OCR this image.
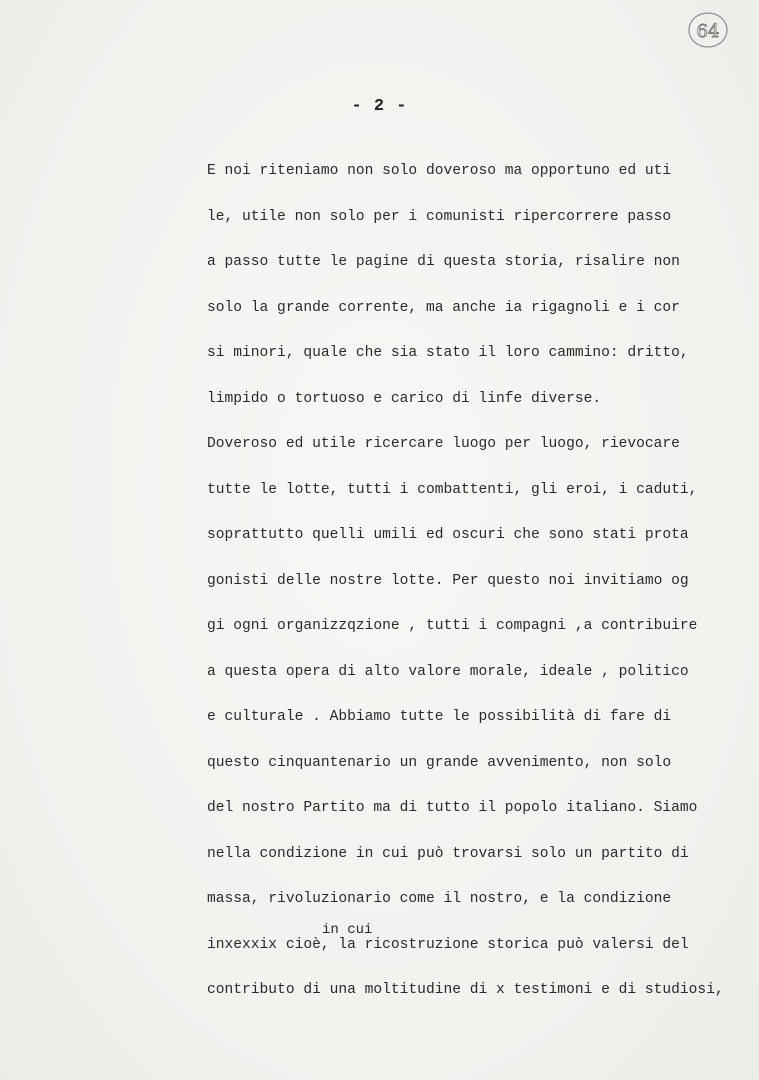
64
- 2 -
in cui
E noi riteniamo non solo doveroso ma opportuno ed uti
le, utile non solo per i comunisti ripercorrere passo
a passo tutte le pagine di questa storia, risalire non
solo la grande corrente, ma anche ia rigagnoli e i cor
si minori, quale che sia stato il loro cammino: dritto,
limpido o tortuoso e carico di linfe diverse.
Doveroso ed utile ricercare luogo per luogo, rievocare
tutte le lotte, tutti i combattenti, gli eroi, i caduti,
soprattutto quelli umili ed oscuri che sono stati prota
gonisti delle nostre lotte. Per questo noi invitiamo og
gi ogni organizzqzione , tutti i compagni ,a contribuire
a questa opera di alto valore morale, ideale , politico
e culturale . Abbiamo tutte le possibilità di fare di
questo cinquantenario un grande avvenimento, non solo
del nostro Partito ma di tutto il popolo italiano. Siamo
nella condizione in cui può trovarsi solo un partito di
massa, rivoluzionario come il nostro, e la condizione
inxexxix cioè, la ricostruzione storica può valersi del
contributo di una moltitudine di x testimoni e di studiosi,
